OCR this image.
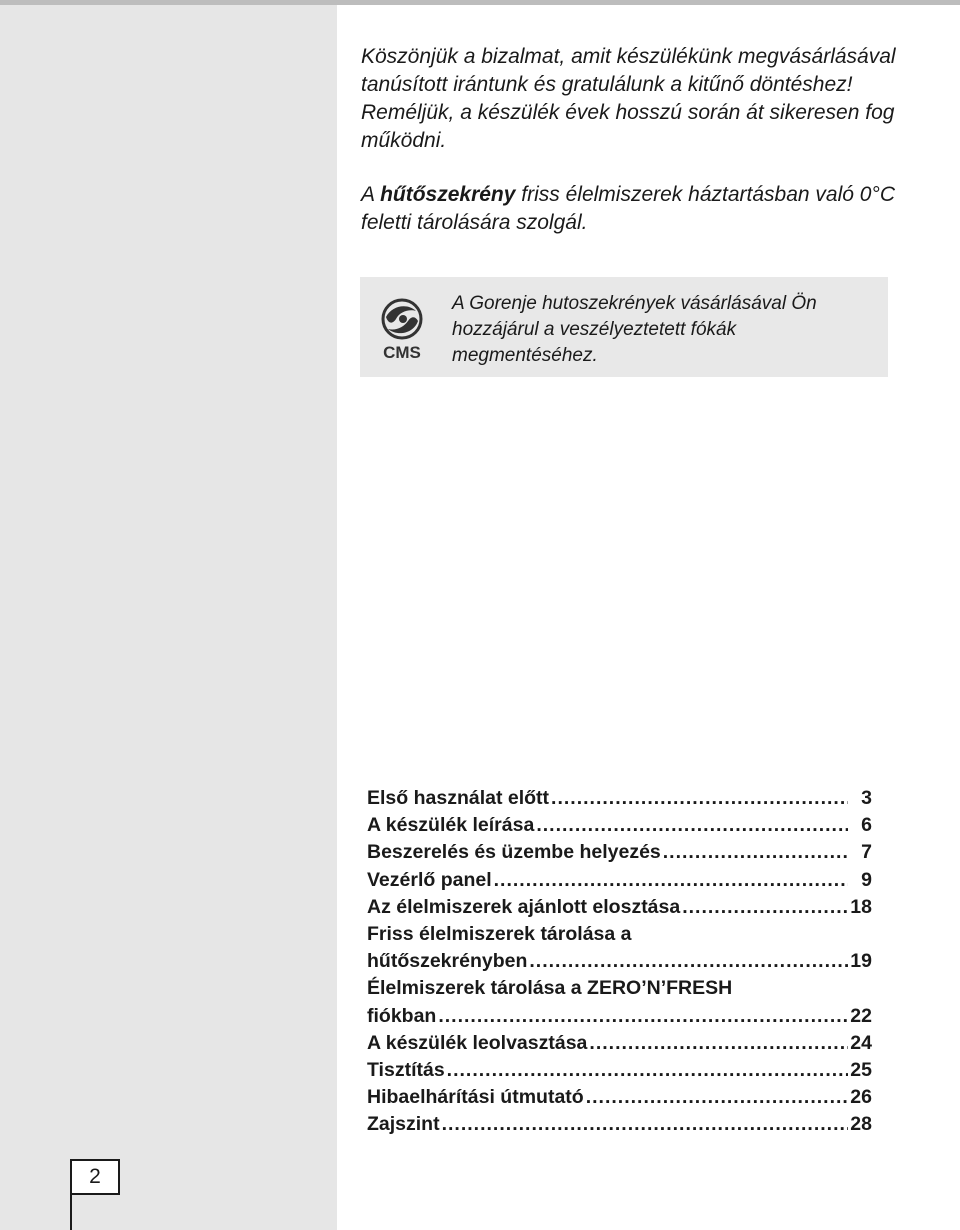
2

Köszönjük a bizalmat, amit készülékünk megvásárlásával tanúsított irántunk és gratulálunk a kitűnő döntéshez! Reméljük, a készülék évek hosszú során át sikeresen fog működni.

A hűtőszekrény friss élelmiszerek háztartásban való 0°C feletti tárolására szolgál.

CMS

A Gorenje hutoszekrények vásárlásával Ön hozzájárul a veszélyeztetett fókák megmentéséhez.

Első használat előtt .....	3
A készülék leírása .....	6
Beszerelés és üzembe helyezés .....	7
Vezérlő panel .....	9
Az élelmiszerek ajánlott elosztása .....	18
Friss élelmiszerek tárolása a
hűtőszekrényben .....	19
Élelmiszerek tárolása a ZERO’N’FRESH
fiókban .....	22
A készülék leolvasztása .....	24
Tisztítás .....	25
Hibaelhárítási útmutató .....	26
Zajszint .....	28
